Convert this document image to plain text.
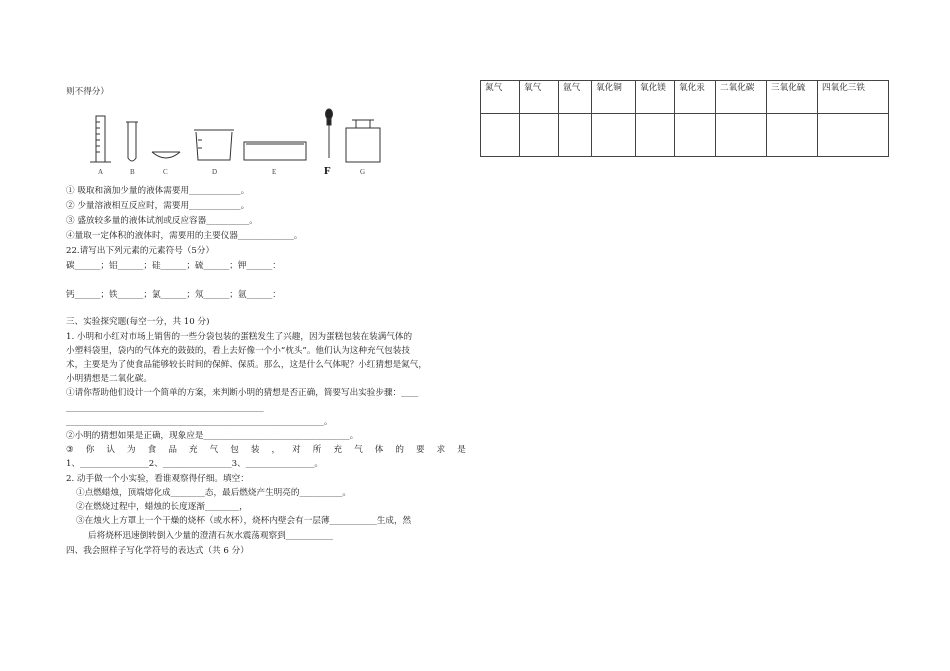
则不得分）
① 吸取和滴加少量的液体需要用____________。
② 少量溶液相互反应时，需要用____________。
③ 盛放较多量的液体试剂或反应容器__________。
④量取一定体积的液体时，需要用的主要仪器_____________。
22.请写出下列元素的元素符号（5分）
碳______；铝______；硅______；硫______；钾______：
钙______；铁______；氯______；氖______；氩______：
三、实验探究题(每空一分，共 10 分)
1. 小明和小红对市场上销售的一些分袋包装的蛋糕发生了兴趣，因为蛋糕包装在装满气体的
小塑料袋里，袋内的气体充的鼓鼓的，看上去好像一个小“枕头”。他们认为这种充气包装技
术，主要是为了使食品能够较长时间的保鲜、保质。那么，这是什么气体呢？小红猜想是氮气，
小明猜想是二氧化碳。
①请你帮助他们设计一个简单的方案，来判断小明的猜想是否正确，简要写出实验步骤：____
______________________________________________
____________________________________________________________。
②小明的猜想如果是正确，现象应是__________________________________。
③ 你 认 为 食 品 充 气 包 装 ， 对 所 充 气 体 的 要 求 是
1、________________2、________________3、________________。
2. 动手做一个小实验，看谁观察得仔细。填空：
①点燃蜡烛，顶端熔化成________态，最后燃烧产生明亮的__________。
②在燃烧过程中，蜡烛的长度逐渐________，
③在烛火上方罩上一个干燥的烧杯（或水杯），烧杯内壁会有一层薄___________生成，然
后将烧杯迅速倒转倒入少量的澄清石灰水震荡观察到___________
四、我会照样子写化学符号的表达式（共 6 分）
A	B	C	D	E	F	G
氮气	氧气	氩气	氧化铜	氧化镁	氧化汞	二氧化碳	三氧化硫	四氧化三铁
